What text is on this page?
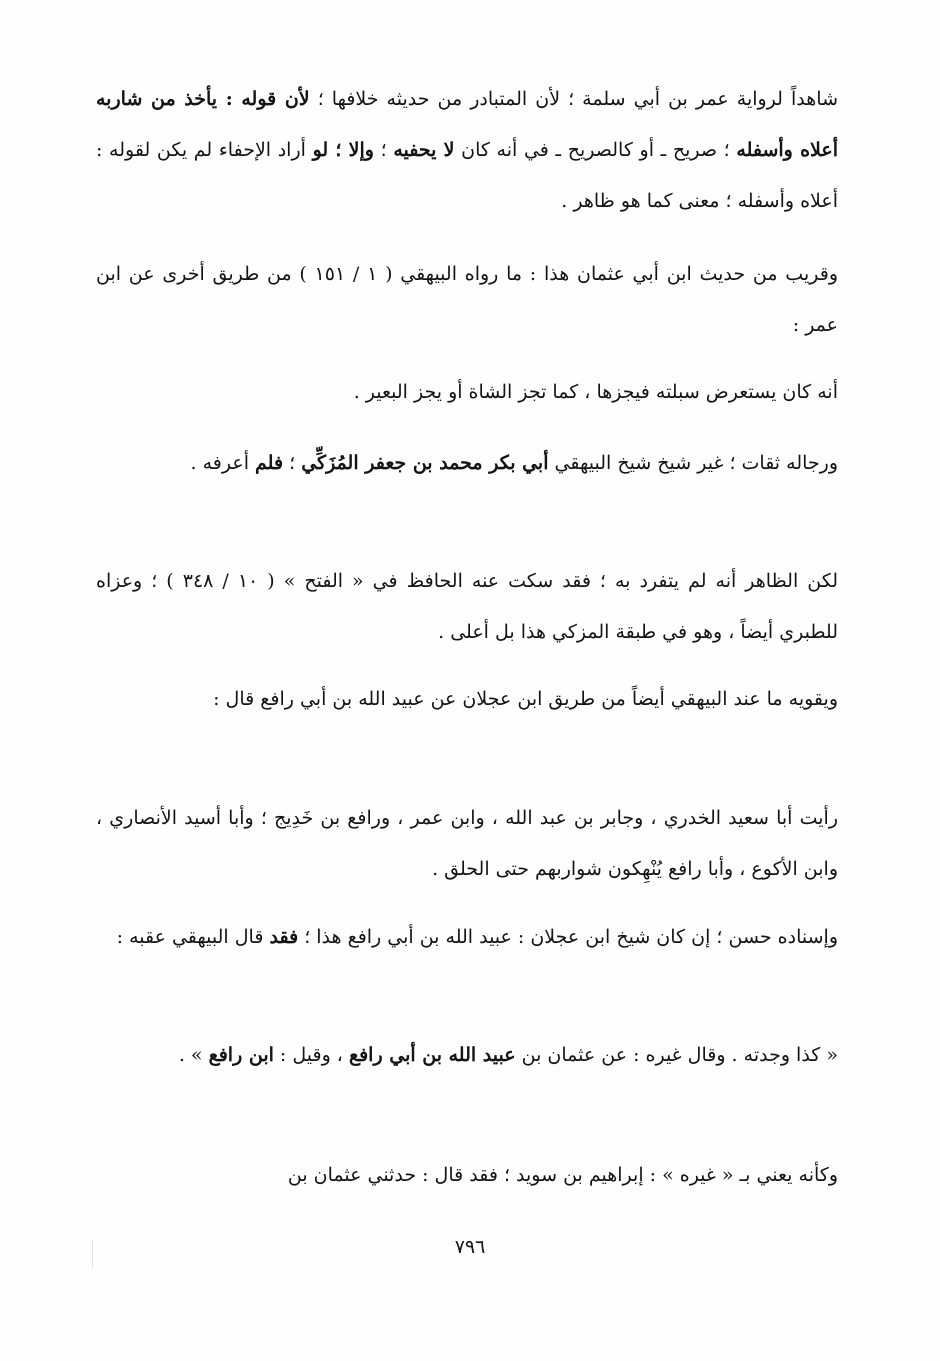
شاهداً لرواية عمر بن أبي سلمة ؛ لأن المتبادر من حديثه خلافها ؛ لأن قوله : يأخذ من شاربه أعلاه وأسفله ؛ صريح ـ أو كالصريح ـ في أنه كان لا يحفيه ؛ وإلا ؛ لو أراد الإحفاء لم يكن لقوله : أعلاه وأسفله ؛ معنى كما هو ظاهر .

وقريب من حديث ابن أبي عثمان هذا : ما رواه البيهقي ( ١ / ١٥١ ) من طريق أخرى عن ابن عمر :

أنه كان يستعرض سبلته فيجزها ، كما تجز الشاة أو يجز البعير .

ورجاله ثقات ؛ غير شيخ شيخ البيهقي أبي بكر محمد بن جعفر المُزَكِّي ؛ فلم أعرفه .

لكن الظاهر أنه لم يتفرد به ؛ فقد سكت عنه الحافظ في « الفتح » ( ١٠ / ٣٤٨ ) ؛ وعزاه للطبري أيضاً ، وهو في طبقة المزكي هذا بل أعلى .

ويقويه ما عند البيهقي أيضاً من طريق ابن عجلان عن عبيد الله بن أبي رافع قال :

رأيت أبا سعيد الخدري ، وجابر بن عبد الله ، وابن عمر ، ورافع بن خَدِيج ؛ وأبا أسيد الأنصاري ، وابن الأكوع ، وأبا رافع يُنْهِكون شواربهم حتى الحلق .

وإسناده حسن ؛ إن كان شيخ ابن عجلان : عبيد الله بن أبي رافع هذا ؛ فقد قال البيهقي عقبه :

« كذا وجدته . وقال غيره : عن عثمان بن عبيد الله بن أبي رافع ، وقيل : ابن رافع » .

وكأنه يعني بـ « غيره » : إبراهيم بن سويد ؛ فقد قال : حدثني عثمان بن

٧٩٦
